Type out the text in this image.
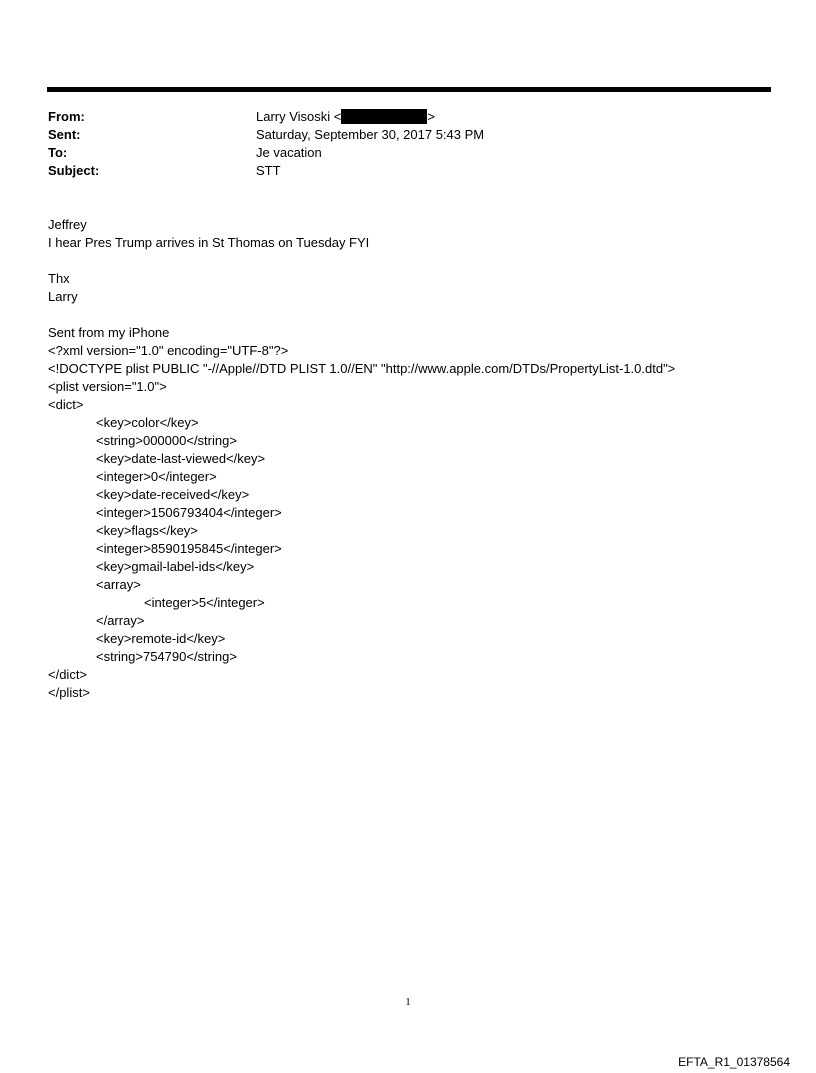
From:	Larry Visoski <	>
Sent:	Saturday, September 30, 2017 5:43 PM
To:	Je vacation
Subject:	STT
Jeffrey
I hear Pres Trump arrives in St Thomas on Tuesday FYI
Thx
Larry
Sent from my iPhone
<?xml version="1.0" encoding="UTF-8"?>
<!DOCTYPE plist PUBLIC "-//Apple//DTD PLIST 1.0//EN" "http://www.apple.com/DTDs/PropertyList-1.0.dtd">
<plist version="1.0">
<dict>
<key>color</key>
<string>000000</string>
<key>date-last-viewed</key>
<integer>0</integer>
<key>date-received</key>
<integer>1506793404</integer>
<key>flags</key>
<integer>8590195845</integer>
<key>gmail-label-ids</key>
<array>
<integer>5</integer>
</array>
<key>remote-id</key>
<string>754790</string>
</dict>
</plist>
1
EFTA_R1_01378564
